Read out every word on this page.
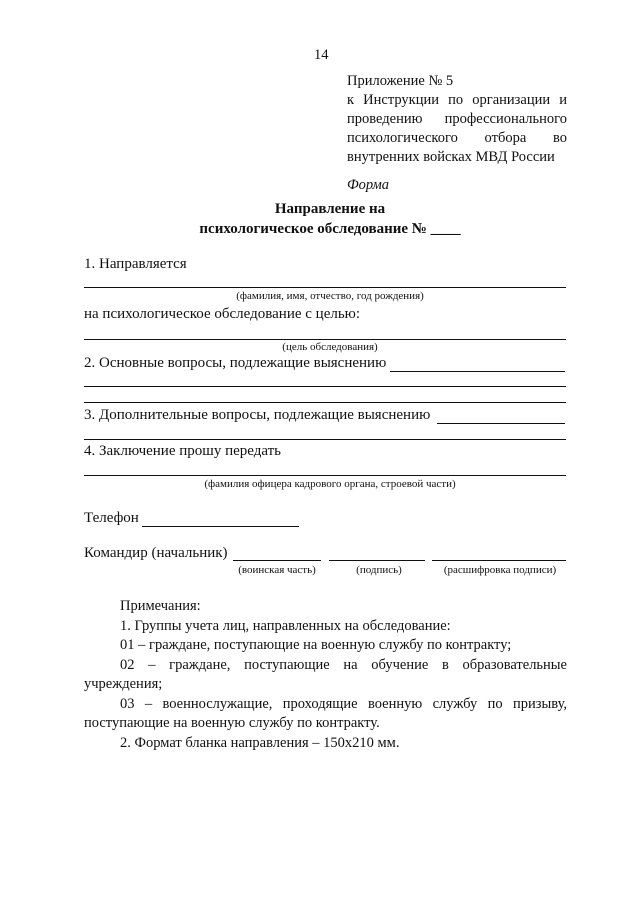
14
Приложение № 5
к Инструкции по организации и
проведению профессионального
психологического отбора во
внутренних войсках МВД России
Форма
Направление на
психологическое обследование № ____
1. Направляется
(фамилия, имя, отчество, год рождения)
на психологическое обследование с целью:
(цель обследования)
2. Основные вопросы, подлежащие выяснению
3. Дополнительные вопросы, подлежащие выяснению
4. Заключение прошу передать
(фамилия офицера кадрового органа, строевой части)
Телефон
Командир (начальник)
(воинская часть)	(подпись)	(расшифровка подписи)
Примечания:
1. Группы учета лиц, направленных на обследование:
01 – граждане, поступающие на военную службу по контракту;
02 – граждане, поступающие на обучение в образовательные
учреждения;
03 – военнослужащие, проходящие военную службу по призыву,
поступающие на военную службу по контракту.
2. Формат бланка направления – 150х210 мм.
